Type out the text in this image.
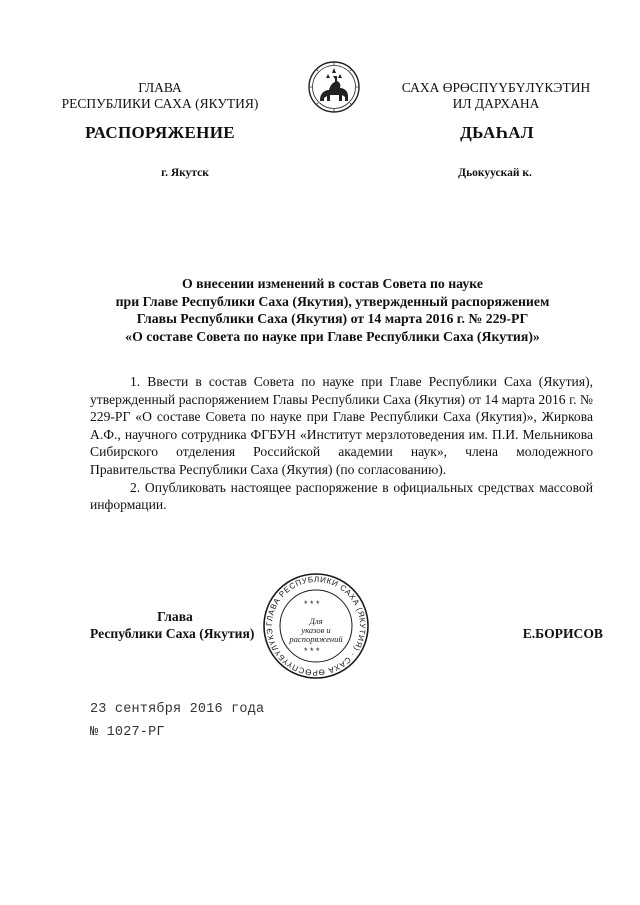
ГЛАВА
РЕСПУБЛИКИ САХА (ЯКУТИЯ)
САХА ӨРӨСПҮҮБҮЛҮКЭТИН
ИЛ ДАРХАНА
РАСПОРЯЖЕНИЕ	ДЬАҺАЛ
г. Якутск	Дьокуускай к.
О внесении изменений в состав Совета по науке
при Главе Республики Саха (Якутия), утвержденный распоряжением
Главы Республики Саха (Якутия) от 14 марта 2016 г. № 229-РГ
«О составе Совета по науке при Главе Республики Саха (Якутия)»

1. Ввести в состав Совета по науке при Главе Республики Саха (Якутия), утвержденный распоряжением Главы Республики Саха (Якутия) от 14 марта 2016 г. № 229-РГ «О составе Совета по науке при Главе Республики Саха (Якутия)», Жиркова А.Ф., научного сотрудника ФГБУН «Институт мерзлотоведения им. П.И. Мельникова Сибирского отделения Российской академии наук», члена молодежного Правительства Республики Саха (Якутия) (по согласованию).

2. Опубликовать настоящее распоряжение в официальных средствах массовой информации.

Глава
Республики Саха (Якутия)	Е.БОРИСОВ
ГЛАВА РЕСПУБЛИКИ САХА (ЯКУТИЯ) · САХА ӨРӨСПҮҮБҮЛҮКЭ
* * *
* * *
Для
указов и
распоряжений
23 сентября 2016 года
№ 1027-РГ
